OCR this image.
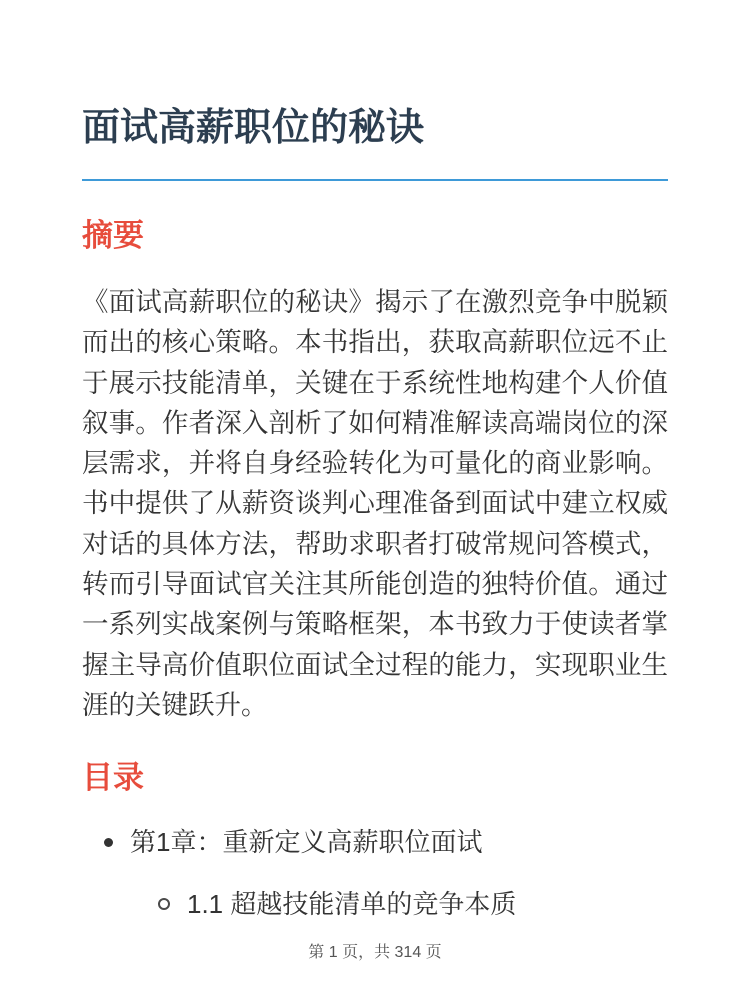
面试高薪职位的秘诀
摘要

《面试高薪职位的秘诀》揭示了在激烈竞争中脱颖而出的核心策略。本书指出，获取高薪职位远不止于展示技能清单，关键在于系统性地构建个人价值叙事。作者深入剖析了如何精准解读高端岗位的深层需求，并将自身经验转化为可量化的商业影响。书中提供了从薪资谈判心理准备到面试中建立权威对话的具体方法，帮助求职者打破常规问答模式，转而引导面试官关注其所能创造的独特价值。通过一系列实战案例与策略框架，本书致力于使读者掌握主导高价值职位面试全过程的能力，实现职业生涯的关键跃升。

目录
第1章：重新定义高薪职位面试
1.1 超越技能清单的竞争本质
第 1 页，共 314 页
